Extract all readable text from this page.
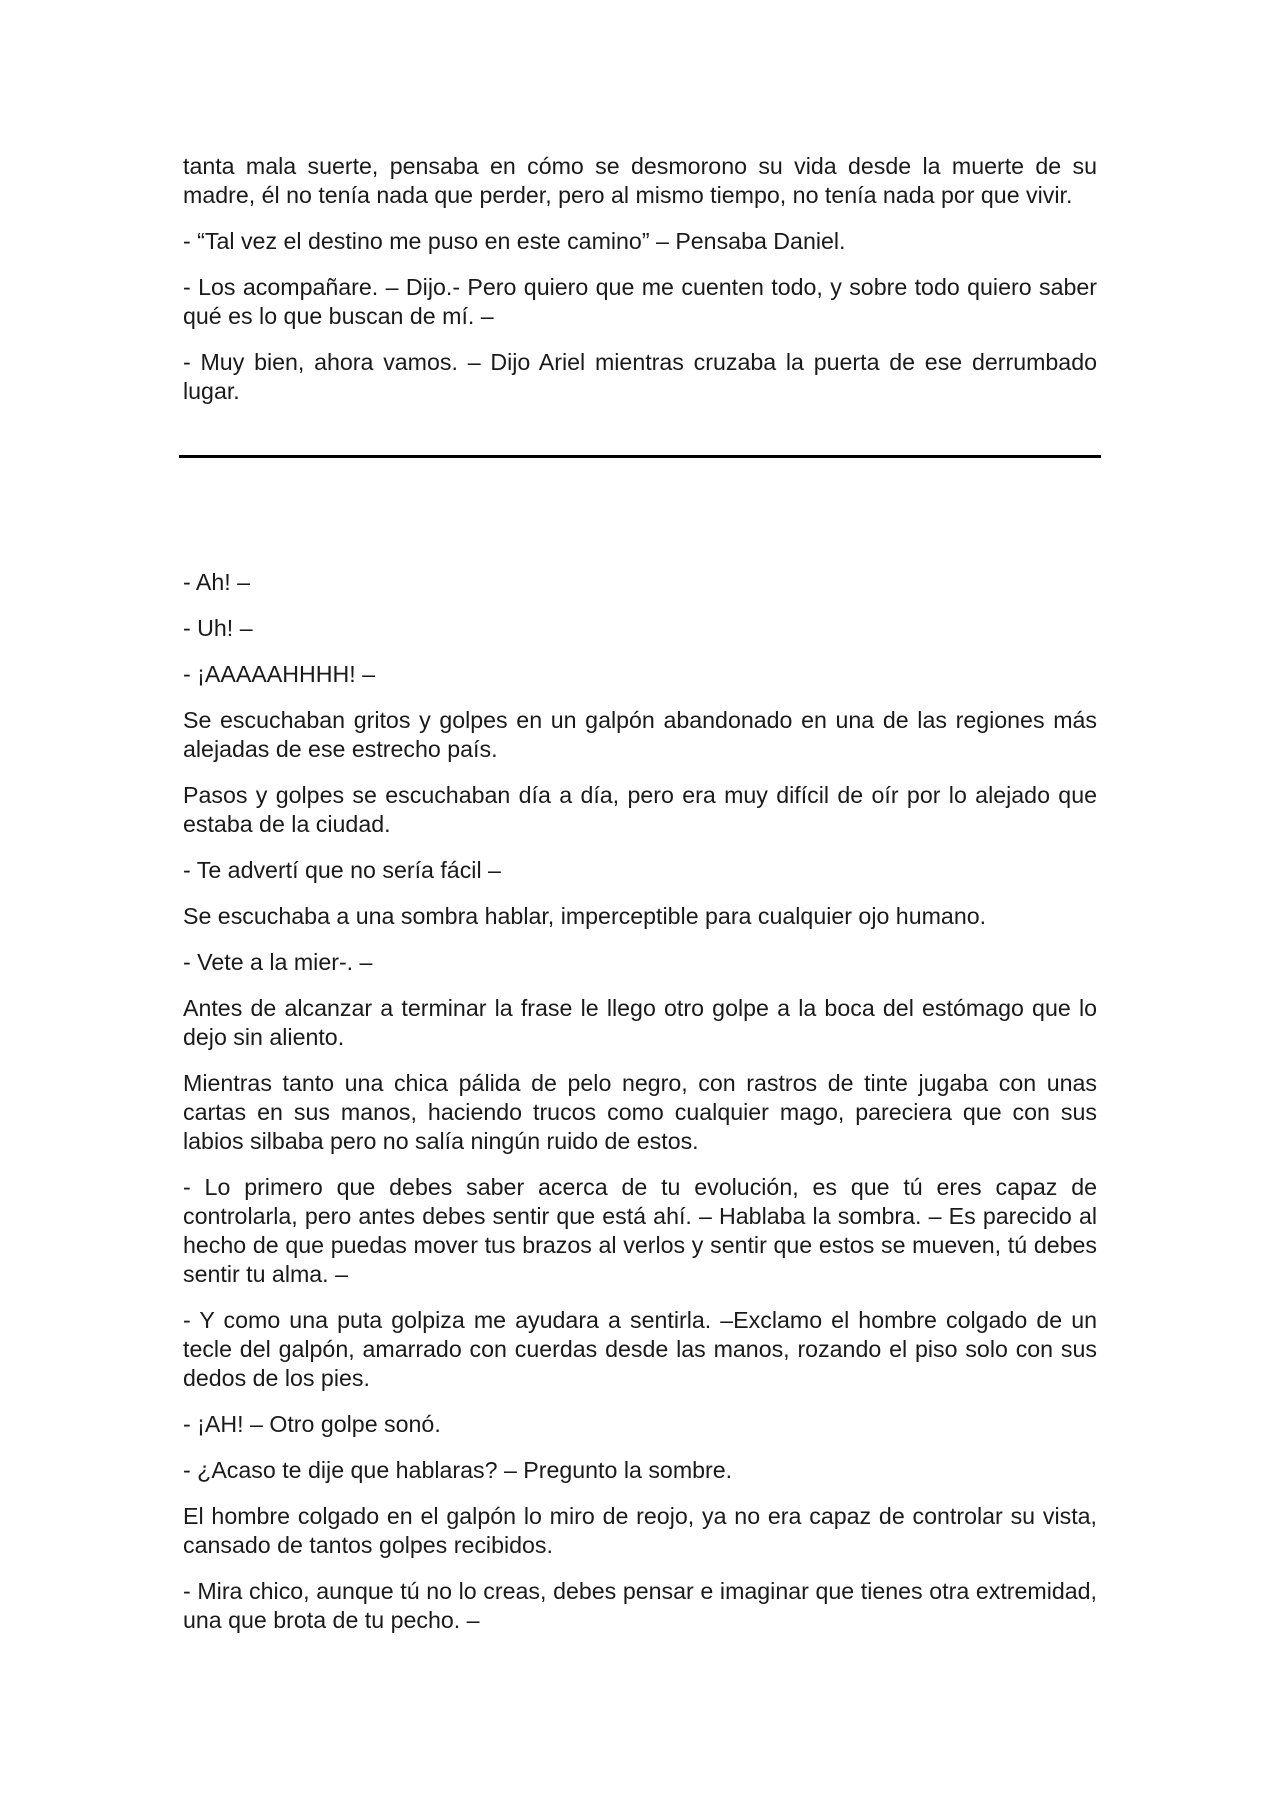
tanta mala suerte, pensaba en cómo se desmorono su vida desde la muerte de su madre, él no tenía nada que perder, pero al mismo tiempo, no tenía nada por que vivir.

- “Tal vez el destino me puso en este camino” – Pensaba Daniel.

- Los acompañare. – Dijo.- Pero quiero que me cuenten todo, y sobre todo quiero saber qué es lo que buscan de mí. –

- Muy bien, ahora vamos. – Dijo Ariel mientras cruzaba la puerta de ese derrumbado lugar.

- Ah! –

- Uh! –

- ¡AAAAAHHHH! –

Se escuchaban gritos y golpes en un galpón abandonado en una de las regiones más alejadas de ese estrecho país.

Pasos y golpes se escuchaban día a día, pero era muy difícil de oír por lo alejado que estaba de la ciudad.

- Te advertí que no sería fácil –

Se escuchaba a una sombra hablar, imperceptible para cualquier ojo humano.

- Vete a la mier-. –

Antes de alcanzar a terminar la frase le llego otro golpe a la boca del estómago que lo dejo sin aliento.

Mientras tanto una chica pálida de pelo negro, con rastros de tinte jugaba con unas cartas en sus manos, haciendo trucos como cualquier mago, pareciera que con sus labios silbaba pero no salía ningún ruido de estos.

- Lo primero que debes saber acerca de tu evolución, es que tú eres capaz de controlarla, pero antes debes sentir que está ahí. – Hablaba la sombra. – Es parecido al hecho de que puedas mover tus brazos al verlos y sentir que estos se mueven, tú debes sentir tu alma. –

- Y como una puta golpiza me ayudara a sentirla. –Exclamo el hombre colgado de un tecle del galpón, amarrado con cuerdas desde las manos, rozando el piso solo con sus dedos de los pies.

- ¡AH! – Otro golpe sonó.

- ¿Acaso te dije que hablaras? – Pregunto la sombre.

El hombre colgado en el galpón lo miro de reojo, ya no era capaz de controlar su vista, cansado de tantos golpes recibidos.

- Mira chico, aunque tú no lo creas, debes pensar e imaginar que tienes otra extremidad, una que brota de tu pecho. –
